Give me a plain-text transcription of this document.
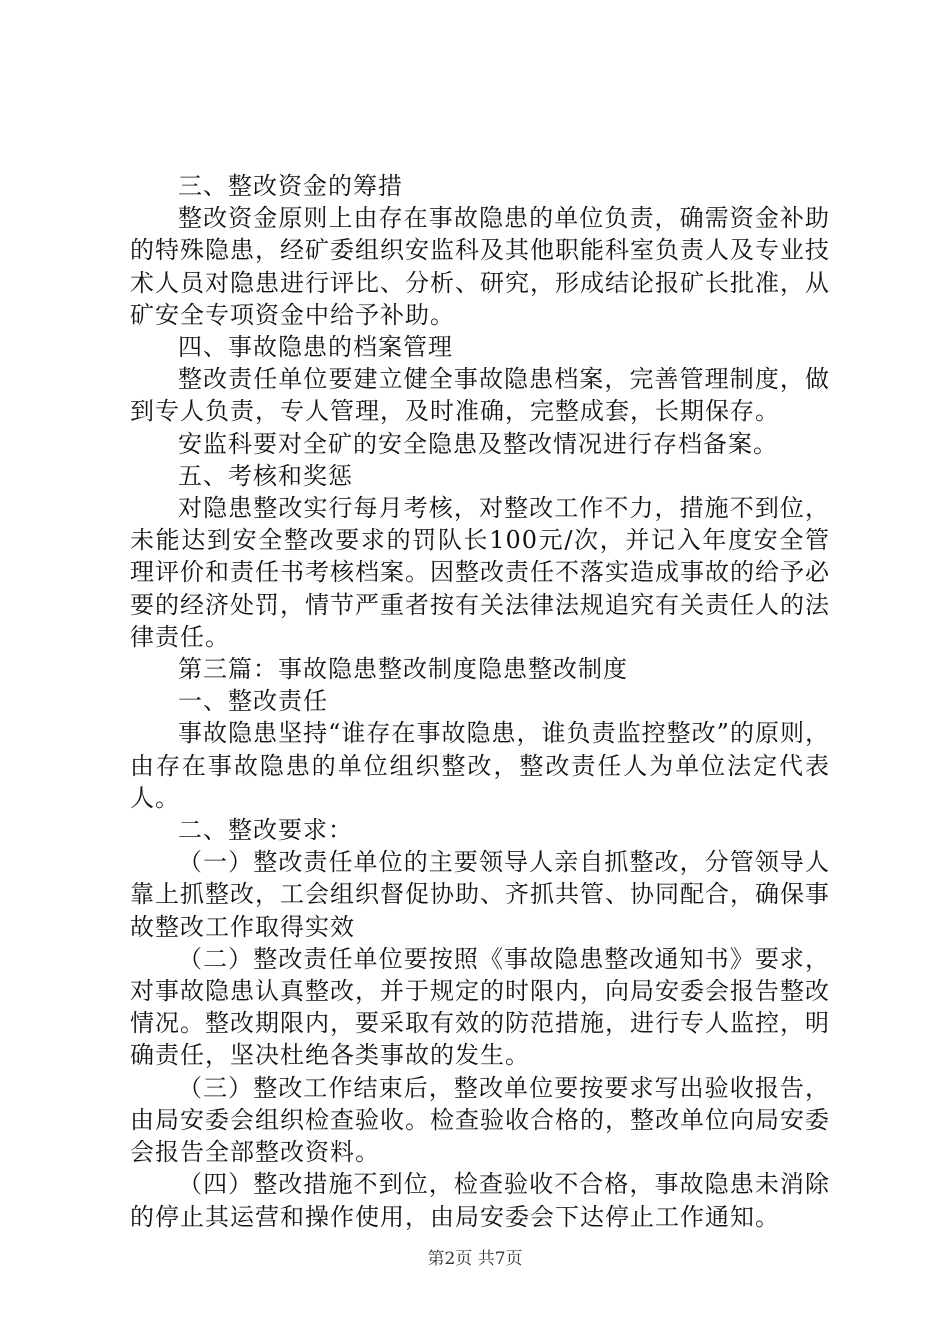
三、整改资金的筹措

整改资金原则上由存在事故隐患的单位负责，确需资金补助的特殊隐患，经矿委组织安监科及其他职能科室负责人及专业技术人员对隐患进行评比、分析、研究，形成结论报矿长批准，从矿安全专项资金中给予补助。

四、事故隐患的档案管理

整改责任单位要建立健全事故隐患档案，完善管理制度，做到专人负责，专人管理，及时准确，完整成套，长期保存。

安监科要对全矿的安全隐患及整改情况进行存档备案。

五、考核和奖惩

对隐患整改实行每月考核，对整改工作不力，措施不到位，未能达到安全整改要求的罚队长100元/次，并记入年度安全管理评价和责任书考核档案。因整改责任不落实造成事故的给予必要的经济处罚，情节严重者按有关法律法规追究有关责任人的法律责任。

第三篇：事故隐患整改制度隐患整改制度

一、整改责任

事故隐患坚持“谁存在事故隐患，谁负责监控整改”的原则，由存在事故隐患的单位组织整改，整改责任人为单位法定代表人。

二、整改要求：

（一）整改责任单位的主要领导人亲自抓整改，分管领导人靠上抓整改，工会组织督促协助、齐抓共管、协同配合，确保事故整改工作取得实效

（二）整改责任单位要按照《事故隐患整改通知书》要求，对事故隐患认真整改，并于规定的时限内，向局安委会报告整改情况。整改期限内，要采取有效的防范措施，进行专人监控，明确责任，坚决杜绝各类事故的发生。

（三）整改工作结束后，整改单位要按要求写出验收报告，由局安委会组织检查验收。检查验收合格的，整改单位向局安委会报告全部整改资料。

（四）整改措施不到位，检查验收不合格，事故隐患未消除的停止其运营和操作使用，由局安委会下达停止工作通知。

第2页 共7页
